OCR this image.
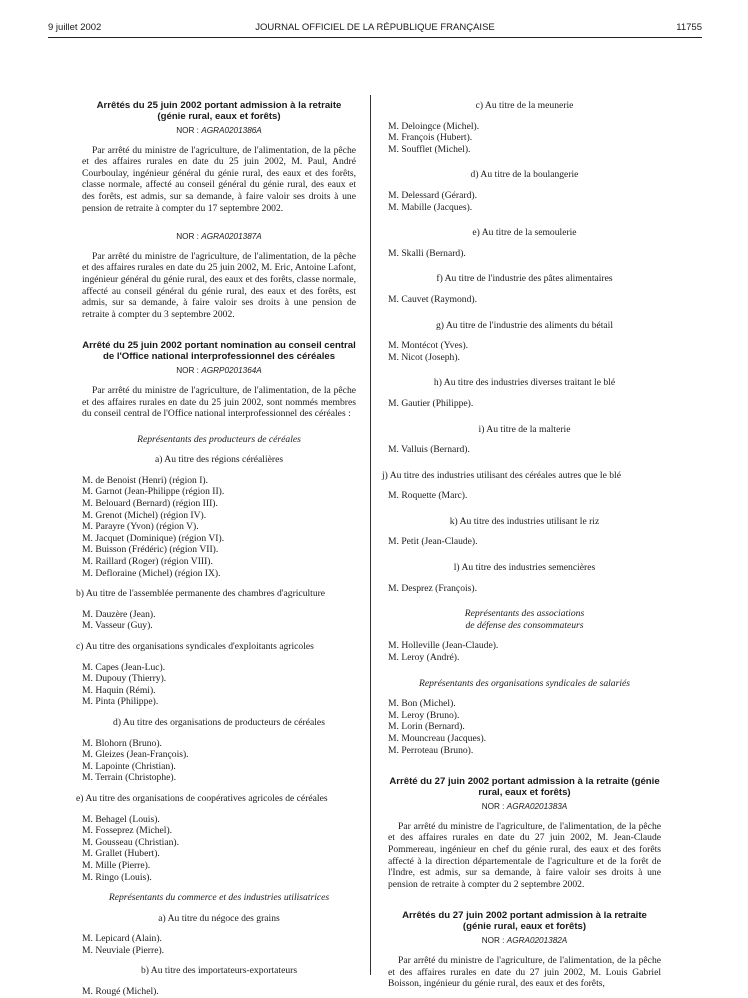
9 juillet 2002	JOURNAL OFFICIEL DE LA RÉPUBLIQUE FRANÇAISE	11755

Arrêtés du 25 juin 2002 portant admission à la retraite (génie rural, eaux et forêts)

NOR : AGRA0201386A

Par arrêté du ministre de l'agriculture, de l'alimentation, de la pêche et des affaires rurales en date du 25 juin 2002, M. Paul, André Courboulay, ingénieur général du génie rural, des eaux et des forêts, classe normale, affecté au conseil général du génie rural, des eaux et des forêts, est admis, sur sa demande, à faire valoir ses droits à une pension de retraite à compter du 17 septembre 2002.

NOR : AGRA0201387A

Par arrêté du ministre de l'agriculture, de l'alimentation, de la pêche et des affaires rurales en date du 25 juin 2002, M. Eric, Antoine Lafont, ingénieur général du génie rural, des eaux et des forêts, classe normale, affecté au conseil général du génie rural, des eaux et des forêts, est admis, sur sa demande, à faire valoir ses droits à une pension de retraite à compter du 3 septembre 2002.

Arrêté du 25 juin 2002 portant nomination au conseil central de l'Office national interprofessionnel des céréales

NOR : AGRP0201364A

Par arrêté du ministre de l'agriculture, de l'alimentation, de la pêche et des affaires rurales en date du 25 juin 2002, sont nommés membres du conseil central de l'Office national interprofessionnel des céréales :

Représentants des producteurs de céréales

a) Au titre des régions céréalières

M. de Benoist (Henri) (région I).
M. Garnot (Jean-Philippe (région II).
M. Belouard (Bernard) (région III).
M. Grenot (Michel) (région IV).
M. Parayre (Yvon) (région V).
M. Jacquet (Dominique) (région VI).
M. Buisson (Frédéric) (région VII).
M. Raillard (Roger) (région VIII).
M. Defloraine (Michel) (région IX).

b) Au titre de l'assemblée permanente des chambres d'agriculture

M. Dauzère (Jean).
M. Vasseur (Guy).

c) Au titre des organisations syndicales d'exploitants agricoles

M. Capes (Jean-Luc).
M. Dupouy (Thierry).
M. Haquin (Rémi).
M. Pinta (Philippe).

d) Au titre des organisations de producteurs de céréales

M. Blohorn (Bruno).
M. Gleizes (Jean-François).
M. Lapointe (Christian).
M. Terrain (Christophe).

e) Au titre des organisations de coopératives agricoles de céréales

M. Behagel (Louis).
M. Fosseprez (Michel).
M. Gousseau (Christian).
M. Grallet (Hubert).
M. Mille (Pierre).
M. Ringo (Louis).

Représentants du commerce et des industries utilisatrices

a) Au titre du négoce des grains

M. Lepicard (Alain).
M. Neuviale (Pierre).

b) Au titre des importateurs-exportateurs

M. Rougé (Michel).

c) Au titre de la meunerie

M. Deloingce (Michel).
M. François (Hubert).
M. Soufflet (Michel).

d) Au titre de la boulangerie

M. Delessard (Gérard).
M. Mabille (Jacques).

e) Au titre de la semoulerie

M. Skalli (Bernard).

f) Au titre de l'industrie des pâtes alimentaires

M. Cauvet (Raymond).

g) Au titre de l'industrie des aliments du bétail

M. Montécot (Yves).
M. Nicot (Joseph).

h) Au titre des industries diverses traitant le blé

M. Gautier (Philippe).

i) Au titre de la malterie

M. Valluis (Bernard).

j) Au titre des industries utilisant des céréales autres que le blé

M. Roquette (Marc).

k) Au titre des industries utilisant le riz

M. Petit (Jean-Claude).

l) Au titre des industries semencières

M. Desprez (François).

Représentants des associations

de défense des consommateurs

M. Holleville (Jean-Claude).
M. Leroy (André).

Représentants des organisations syndicales de salariés

M. Bon (Michel).
M. Leroy (Bruno).
M. Lorin (Bernard).
M. Mouncreau (Jacques).
M. Perroteau (Bruno).

Arrêté du 27 juin 2002 portant admission à la retraite (génie rural, eaux et forêts)

NOR : AGRA0201383A

Par arrêté du ministre de l'agriculture, de l'alimentation, de la pêche et des affaires rurales en date du 27 juin 2002, M. Jean-Claude Pommereau, ingénieur en chef du génie rural, des eaux et des forêts affecté à la direction départementale de l'agriculture et de la forêt de l'Indre, est admis, sur sa demande, à faire valoir ses droits à une pension de retraite à compter du 2 septembre 2002.

Arrêtés du 27 juin 2002 portant admission à la retraite (génie rural, eaux et forêts)

NOR : AGRA0201382A

Par arrêté du ministre de l'agriculture, de l'alimentation, de la pêche et des affaires rurales en date du 27 juin 2002, M. Louis Gabriel Boisson, ingénieur du génie rural, des eaux et des forêts,
